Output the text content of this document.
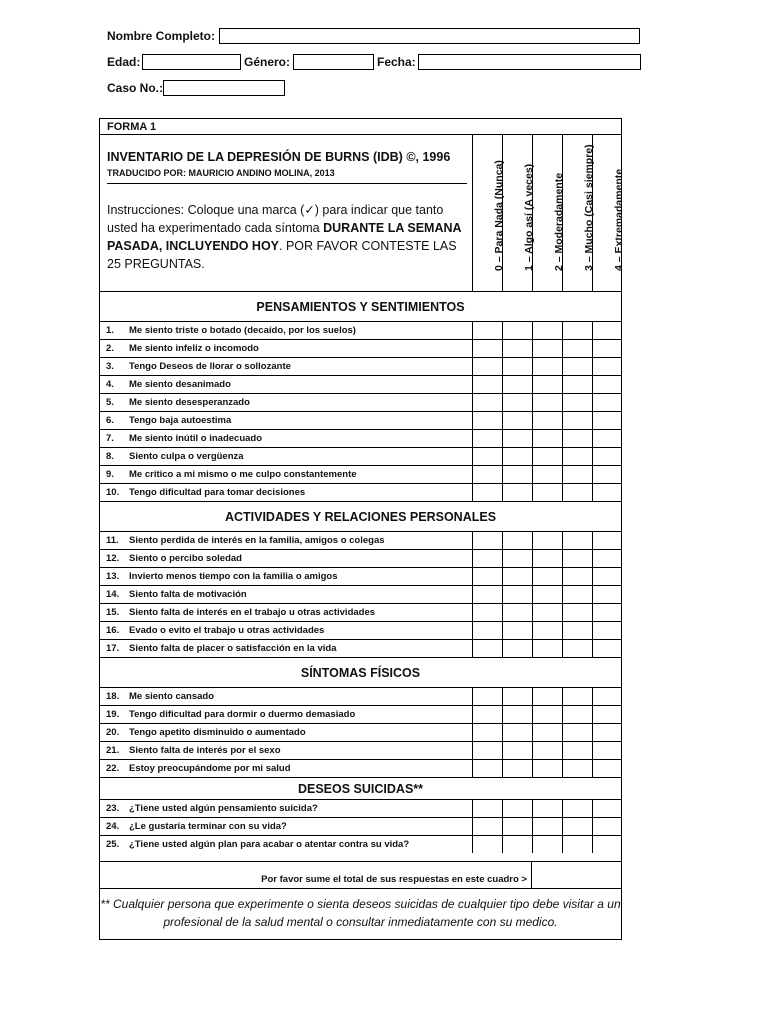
Nombre Completo:
Edad:	Género:	Fecha:
Caso No.:
FORMA 1
INVENTARIO DE LA DEPRESIÓN DE BURNS (IDB) ©, 1996
TRADUCIDO POR: MAURICIO ANDINO MOLINA, 2013
Instrucciones: Coloque una marca (✓) para indicar que tanto usted ha experimentado cada síntoma DURANTE LA SEMANA PASADA, INCLUYENDO HOY. POR FAVOR CONTESTE LAS 25 PREGUNTAS.	0 – Para Nada (Nunca) 1 – Algo así (A veces) 2 – Moderadamente 3 – Mucho (Casi siempre) 4 – Extremadamente
PENSAMIENTOS Y SENTIMIENTOS
1. Me siento triste o botado (decaído, por los suelos)
2. Me siento infeliz o incomodo
3. Tengo Deseos de llorar o sollozante
4. Me siento desanimado
5. Me siento desesperanzado
6. Tengo baja autoestima
7. Me siento inútil o inadecuado
8. Siento culpa o vergüenza
9. Me critico a mi mismo o me culpo constantemente
10. Tengo dificultad para tomar decisiones
ACTIVIDADES Y RELACIONES PERSONALES
11. Siento perdida de interés en la familia, amigos o colegas
12. Siento o percibo soledad
13. Invierto menos tiempo con la familia o amigos
14. Siento falta de motivación
15. Siento falta de interés en el trabajo u otras actividades
16. Evado o evito el trabajo u otras actividades
17. Siento falta de placer o satisfacción en la vida
SÍNTOMAS FÍSICOS
18. Me siento cansado
19. Tengo dificultad para dormir o duermo demasiado
20. Tengo apetito disminuido o aumentado
21. Siento falta de interés por el sexo
22. Estoy preocupándome por mi salud
DESEOS SUICIDAS**
23. ¿Tiene usted algún pensamiento suicida?
24. ¿Le gustaría terminar con su vida?
25. ¿Tiene usted algún plan para acabar o atentar contra su vida?
Por favor sume el total de sus respuestas en este cuadro >
** Cualquier persona que experimente o sienta deseos suicidas de cualquier tipo debe visitar a un profesional de la salud mental o consultar inmediatamente con su medico.
